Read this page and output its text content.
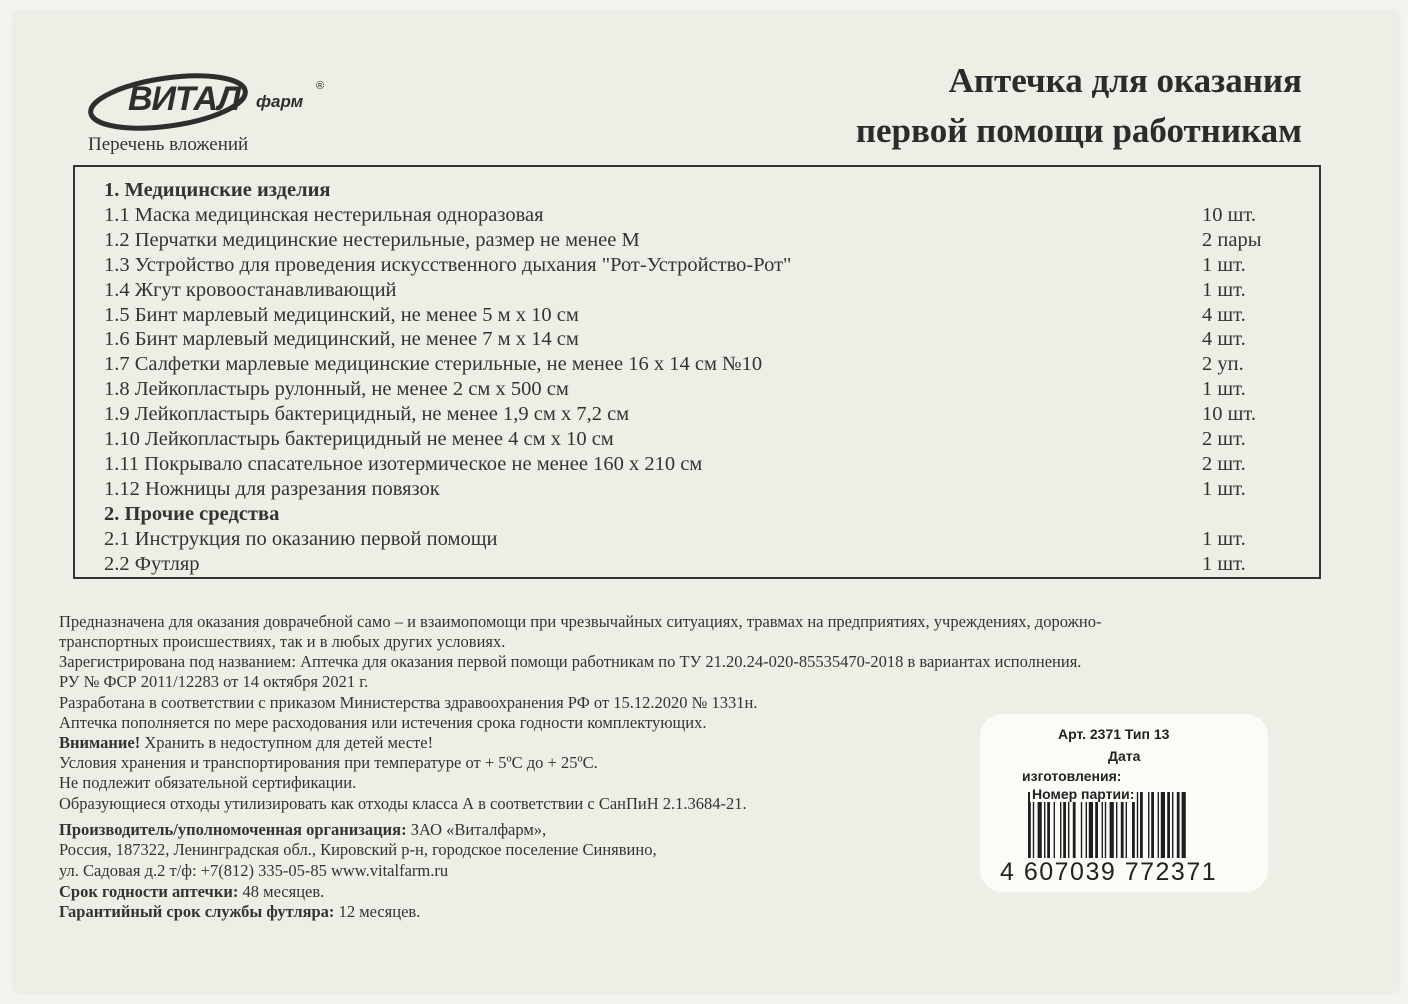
ВИТАЛ фарм
®
Перечень вложений
Аптечка для оказания
первой помощи работникам
1. Медицинские изделия
1.1 Маска медицинская нестерильная одноразовая	10 шт.
1.2 Перчатки медицинские нестерильные, размер не менее М	2 пары
1.3 Устройство для проведения искусственного дыхания "Рот-Устройство-Рот"	1 шт.
1.4 Жгут кровоостанавливающий	1 шт.
1.5 Бинт марлевый медицинский, не менее 5 м х 10 см	4 шт.
1.6 Бинт марлевый медицинский, не менее 7 м х 14 см	4 шт.
1.7 Салфетки марлевые медицинские стерильные, не менее 16 х 14 см №10	2 уп.
1.8 Лейкопластырь рулонный, не менее 2 см х 500 см	1 шт.
1.9 Лейкопластырь бактерицидный, не менее 1,9 см х 7,2 см	10 шт.
1.10 Лейкопластырь бактерицидный не менее 4 см х 10 см	2 шт.
1.11 Покрывало спасательное изотермическое не менее 160 х 210 см	2 шт.
1.12 Ножницы для разрезания повязок	1 шт.
2. Прочие средства
2.1 Инструкция по оказанию первой помощи	1 шт.
2.2 Футляр	1 шт.
Предназначена для оказания доврачебной само – и взаимопомощи при чрезвычайных ситуациях, травмах на предприятиях, учреждениях, дорожно-
транспортных происшествиях, так и в любых других условиях.
Зарегистрирована под названием: Аптечка для оказания первой помощи работникам по ТУ 21.20.24-020-85535470-2018 в вариантах исполнения.
РУ № ФСР 2011/12283 от 14 октября 2021 г.
Разработана в соответствии с приказом Министерства здравоохранения РФ от 15.12.2020 № 1331н.
Аптечка пополняется по мере расходования или истечения срока годности комплектующих.
Внимание! Хранить в недоступном для детей месте!
Условия хранения и транспортирования при температуре от + 5ºС до + 25ºС.
Не подлежит обязательной сертификации.
Образующиеся отходы утилизировать как отходы класса А в соответствии с СанПиН 2.1.3684-21.
Производитель/уполномоченная организация: ЗАО «Виталфарм»,
Россия, 187322, Ленинградская обл., Кировский р-н, городское поселение Синявино,
ул. Садовая д.2 т/ф: +7(812) 335-05-85 www.vitalfarm.ru
Срок годности аптечки: 48 месяцев.
Гарантийный срок службы футляра: 12 месяцев.
Арт. 2371 Тип 13
Дата
изготовления:
Номер партии:
4 607039 772371
